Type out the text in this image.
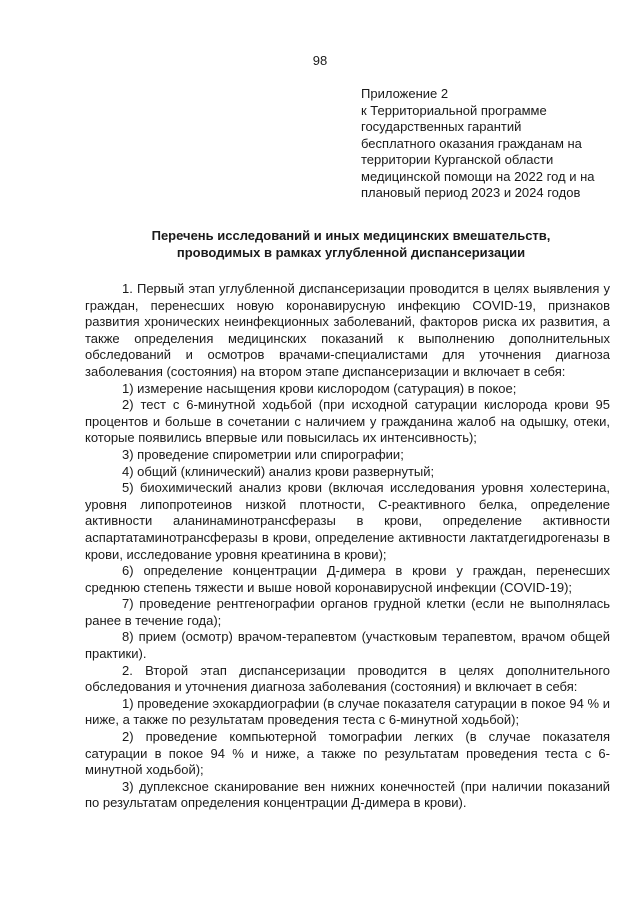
98
Приложение 2
к Территориальной программе
государственных гарантий
бесплатного оказания гражданам на
территории Курганской области
медицинской помощи на 2022 год и на
плановый период 2023 и 2024 годов
Перечень исследований и иных медицинских вмешательств,
проводимых в рамках углубленной диспансеризации

1. Первый этап углубленной диспансеризации проводится в целях выявления у граждан, перенесших новую коронавирусную инфекцию COVID-19, признаков развития хронических неинфекционных заболеваний, факторов риска их развития, а также определения медицинских показаний к выполнению дополнительных обследований и осмотров врачами-специалистами для уточнения диагноза заболевания (состояния) на втором этапе диспансеризации и включает в себя:

1) измерение насыщения крови кислородом (сатурация) в покое;

2) тест с 6-минутной ходьбой (при исходной сатурации кислорода крови 95 процентов и больше в сочетании с наличием у гражданина жалоб на одышку, отеки, которые появились впервые или повысилась их интенсивность);

3) проведение спирометрии или спирографии;

4) общий (клинический) анализ крови развернутый;

5) биохимический анализ крови (включая исследования уровня холестерина, уровня липопротеинов низкой плотности, С-реактивного белка, определение активности аланинаминотрансферазы в крови, определение активности аспартатаминотрансферазы в крови, определение активности лактатдегидрогеназы в крови, исследование уровня креатинина в крови);

6) определение концентрации Д-димера в крови у граждан, перенесших среднюю степень тяжести и выше новой коронавирусной инфекции (COVID-19);

7) проведение рентгенографии органов грудной клетки (если не выполнялась ранее в течение года);

8) прием (осмотр) врачом-терапевтом (участковым терапевтом, врачом общей практики).

2. Второй этап диспансеризации проводится в целях дополнительного обследования и уточнения диагноза заболевания (состояния) и включает в себя:

1) проведение эхокардиографии (в случае показателя сатурации в покое 94 % и ниже, а также по результатам проведения теста с 6-минутной ходьбой);

2) проведение компьютерной томографии легких (в случае показателя сатурации в покое 94 % и ниже, а также по результатам проведения теста с 6-минутной ходьбой);

3) дуплексное сканирование вен нижних конечностей (при наличии показаний по результатам определения концентрации Д-димера в крови).
